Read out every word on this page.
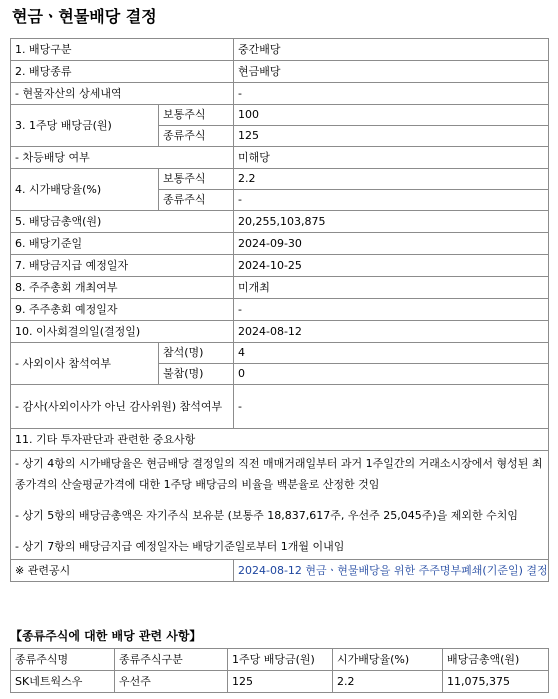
현금ㆍ현물배당 결정
1. 배당구분		중간배당
2. 배당종류		현금배당
- 현물자산의 상세내역		-
3. 1주당 배당금(원)	보통주식	100
	종류주식	125
- 차등배당 여부		미해당
4. 시가배당율(%)	보통주식	2.2
	종류주식	-
5. 배당금총액(원)		20,255,103,875
6. 배당기준일		2024-09-30
7. 배당금지급 예정일자		2024-10-25
8. 주주총회 개최여부		미개최
9. 주주총회 예정일자		-
10. 이사회결의일(결정일)		2024-08-12
- 사외이사 참석여부	참석(명)	4
	불참(명)	0
- 감사(사외이사가 아닌 감사위원) 참석여부		-
11. 기타 투자판단과 관련한 중요사항		

- 상기 4항의 시가배당율은 현금배당 결정일의 직전 매매거래일부터 과거 1주일간의 거래소시장에서 형성된 최종가격의 산술평균가격에 대한 1주당 배당금의 비율을 백분율로 산정한 것임
- 상기 5항의 배당금총액은 자기주식 보유분 (보통주 18,837,617주, 우선주 25,045주)을 제외한 수치임
- 상기 7항의 배당금지급 예정일자는 배당기준일로부터 1개월 이내임		

※ 관련공시		2024-08-12 현금ㆍ현물배당을 위한 주주명부폐쇄(기준일) 결정
【종류주식에 대한 배당 관련 사항】
종류주식명	종류주식구분	1주당 배당금(원)	시가배당율(%)	배당금총액(원)
SK네트웍스우	우선주	125	2.2	11,075,375
